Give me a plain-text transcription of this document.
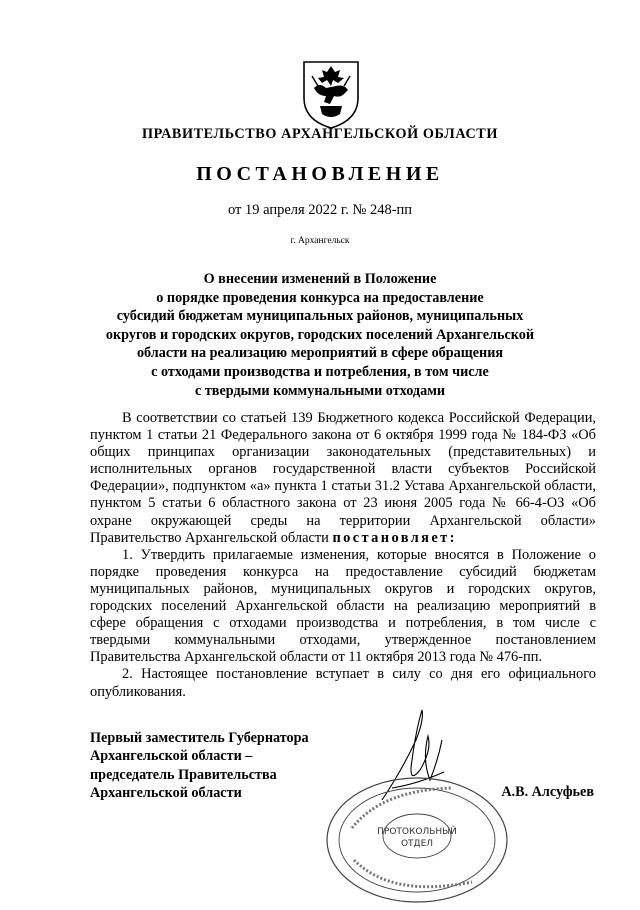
ПРАВИТЕЛЬСТВО АРХАНГЕЛЬСКОЙ ОБЛАСТИ
ПОСТАНОВЛЕНИЕ
от 19 апреля 2022 г. № 248-пп
г. Архангельск
О внесении изменений в Положение
о порядке проведения конкурса на предоставление
субсидий бюджетам муниципальных районов, муниципальных
округов и городских округов, городских поселений Архангельской
области на реализацию мероприятий в сфере обращения
с отходами производства и потребления, в том числе
с твердыми коммунальными отходами

В соответствии со статьей 139 Бюджетного кодекса Российской Федерации, пунктом 1 статьи 21 Федерального закона от 6 октября 1999 года № 184-ФЗ «Об общих принципах организации законодательных (представительных) и исполнительных органов государственной власти субъектов Российской Федерации», подпунктом «а» пункта 1 статьи 31.2 Устава Архангельской области, пунктом 5 статьи 6 областного закона от 23 июня 2005 года № 66-4-ОЗ «Об охране окружающей среды на территории Архангельской области» Правительство Архангельской области постановляет:

1. Утвердить прилагаемые изменения, которые вносятся в Положение о порядке проведения конкурса на предоставление субсидий бюджетам муниципальных районов, муниципальных округов и городских округов, городских поселений Архангельской области на реализацию мероприятий в сфере обращения с отходами производства и потребления, в том числе с твердыми коммунальными отходами, утвержденное постановлением Правительства Архангельской области от 11 октября 2013 года № 476-пп.

2. Настоящее постановление вступает в силу со дня его официального опубликования.

Первый заместитель Губернатора
Архангельской области –
председатель Правительства
Архангельской области	А.В. Алсуфьев
ПРОТОКОЛЬНЫЙ
ОТДЕЛ
